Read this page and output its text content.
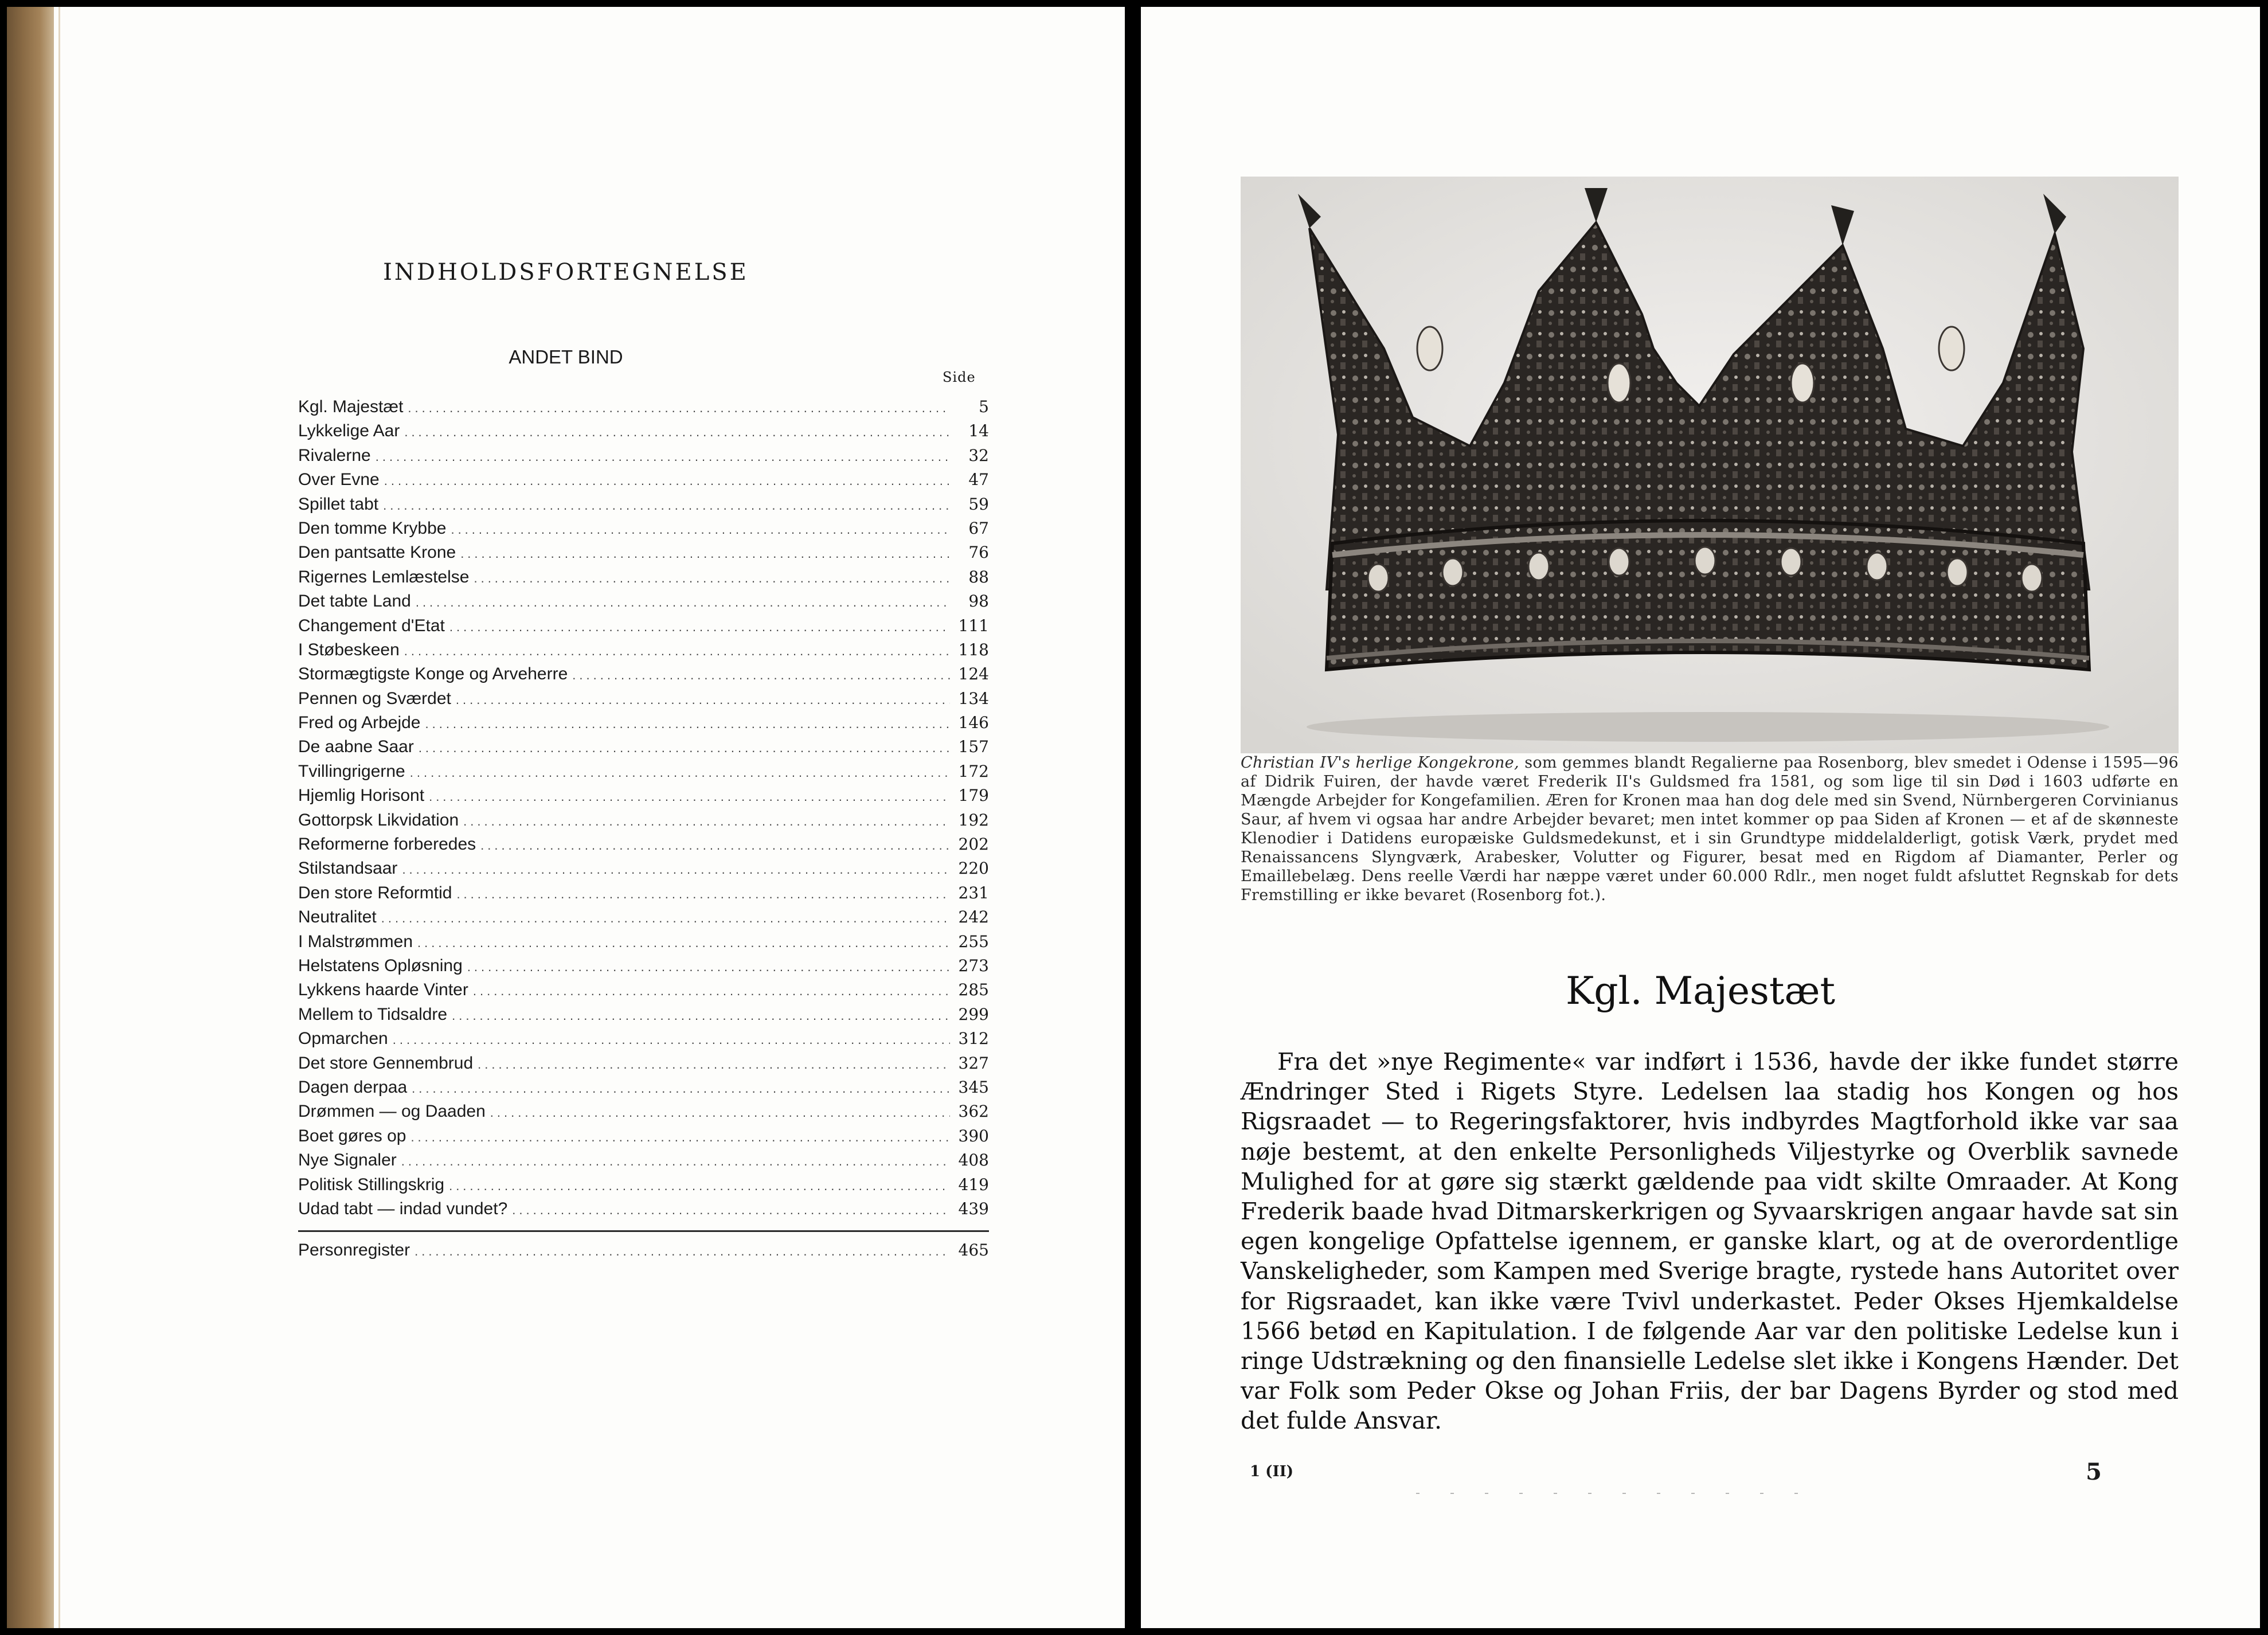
INDHOLDSFORTEGNELSE
ANDET BIND
Side
Kgl. Majestæt .....	5
Lykkelige Aar .....	14
Rivalerne .....	32
Over Evne .....	47
Spillet tabt .....	59
Den tomme Krybbe .....	67
Den pantsatte Krone .....	76
Rigernes Lemlæstelse .....	88
Det tabte Land .....	98
Changement d'Etat .....	111
I Støbeskeen .....	118
Stormægtigste Konge og Arveherre .....	124
Pennen og Sværdet .....	134
Fred og Arbejde .....	146
De aabne Saar .....	157
Tvillingrigerne .....	172
Hjemlig Horisont .....	179
Gottorpsk Likvidation .....	192
Reformerne forberedes .....	202
Stilstandsaar .....	220
Den store Reformtid .....	231
Neutralitet .....	242
I Malstrømmen .....	255
Helstatens Opløsning .....	273
Lykkens haarde Vinter .....	285
Mellem to Tidsaldre .....	299
Opmarchen .....	312
Det store Gennembrud .....	327
Dagen derpaa .....	345
Drømmen — og Daaden .....	362
Boet gøres op .....	390
Nye Signaler .....	408
Politisk Stillingskrig .....	419
Udad tabt — indad vundet? .....	439
Personregister .....	465
Christian IV's herlige Kongekrone, som gemmes blandt Regalierne paa Rosenborg, blev smedet i Odense i 1595—96 af Didrik Fuiren, der havde været Frederik II's Guldsmed fra 1581, og som lige til sin Død i 1603 udførte en Mængde Arbejder for Kongefamilien. Æren for Kronen maa han dog dele med sin Svend, Nürnbergeren Corvinianus Saur, af hvem vi ogsaa har andre Arbejder bevaret; men intet kommer op paa Siden af Kronen — et af de skønneste Klenodier i Datidens europæiske Guldsmedekunst, et i sin Grundtype middelalderligt, gotisk Værk, prydet med Renaissancens Slyngværk, Arabesker, Volutter og Figurer, besat med en Rigdom af Diamanter, Perler og Emaillebelæg. Dens reelle Værdi har næppe været under 60.000 Rdlr., men noget fuldt afsluttet Regnskab for dets Fremstilling er ikke bevaret (Rosenborg fot.).
Kgl. Majestæt

Fra det »nye Regimente« var indført i 1536, havde der ikke fundet større Ændringer Sted i Rigets Styre. Ledelsen laa stadig hos Kongen og hos Rigsraadet — to Regeringsfaktorer, hvis indbyrdes Magtforhold ikke var saa nøje bestemt, at den enkelte Personligheds Viljestyrke og Overblik savnede Mulighed for at gøre sig stærkt gældende paa vidt skilte Omraader. At Kong Frederik baade hvad Ditmarskerkrigen og Syvaarskrigen angaar havde sat sin egen kongelige Opfattelse igennem, er ganske klart, og at de overordentlige Vanskeligheder, som Kampen med Sverige bragte, rystede hans Autoritet over for Rigsraadet, kan ikke være Tvivl underkastet. Peder Okses Hjemkaldelse 1566 betød en Kapitulation. I de følgende Aar var den politiske Ledelse kun i ringe Udstrækning og den finansielle Ledelse slet ikke i Kongens Hænder. Det var Folk som Peder Okse og Johan Friis, der bar Dagens Byrder og stod med det fulde Ansvar.

1 (II)	5
